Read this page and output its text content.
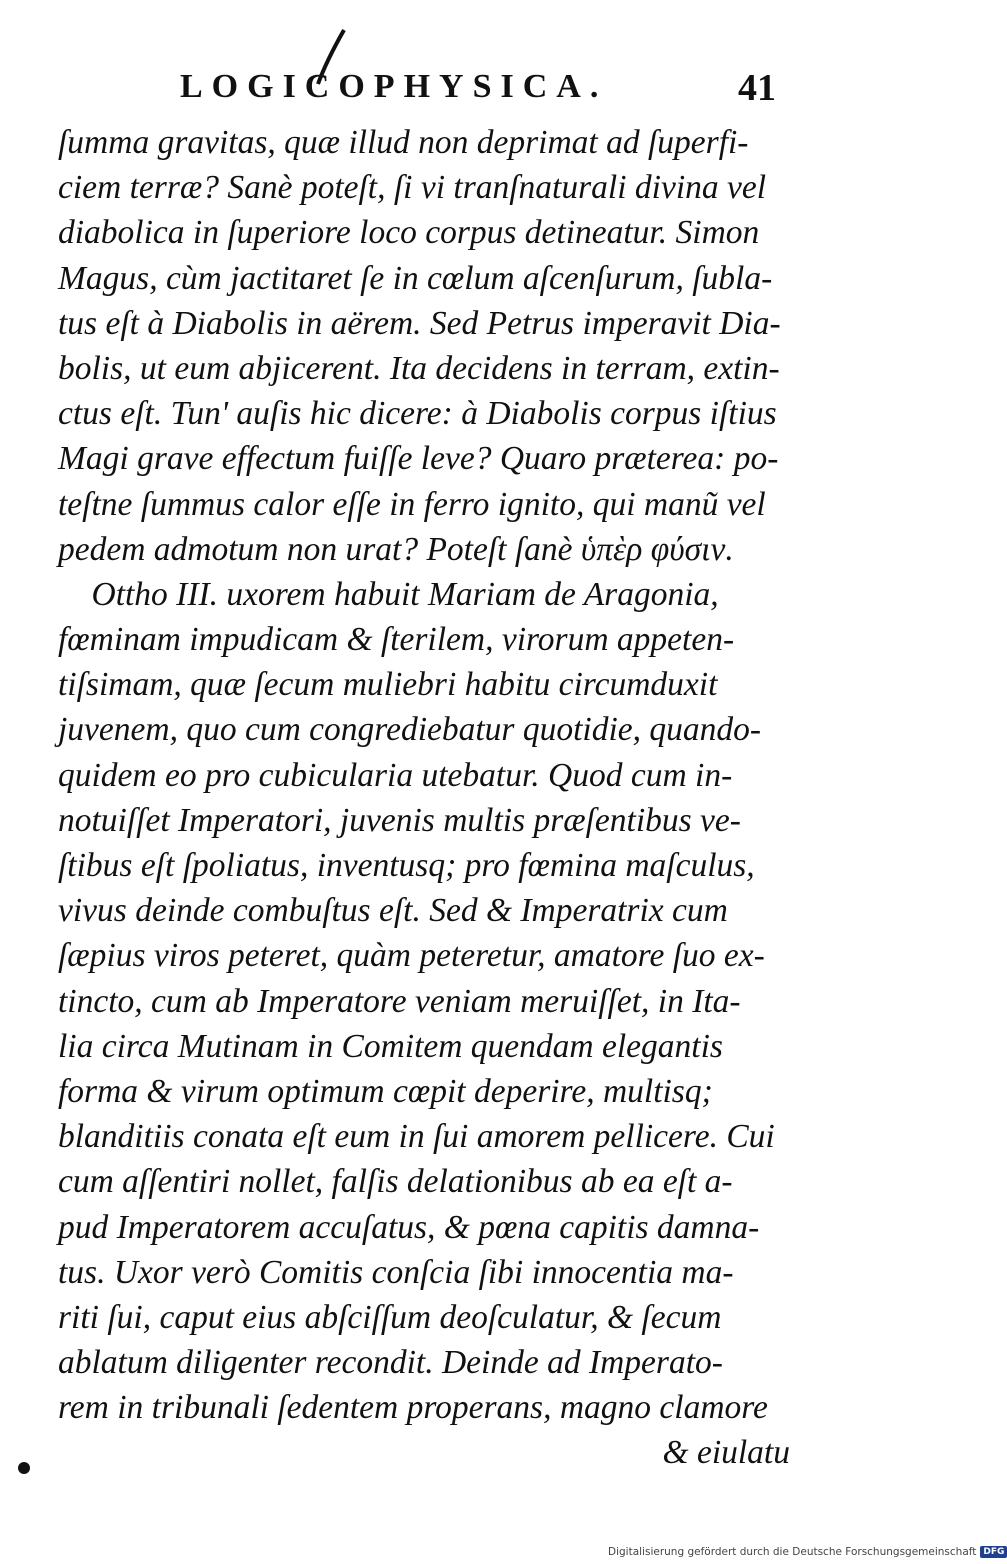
LOGICOPHYSICA.	41
ſumma gravitas, quæ illud non deprimat ad ſuperfi-
ciem terræ? Sanè poteſt, ſi vi tranſnaturali divina vel
diabolica in ſuperiore loco corpus detineatur. Simon
Magus, cùm jactitaret ſe in cœlum aſcenſurum, ſubla-
tus eſt à Diabolis in aërem. Sed Petrus imperavit Dia-
bolis, ut eum abjicerent. Ita decidens in terram, extin-
ctus eſt. Tun' auſis hic dicere: à Diabolis corpus iſtius
Magi grave effectum fuiſſe leve? Quaro præterea: po-
teſtne ſummus calor eſſe in ferro ignito, qui manũ vel
pedem admotum non urat? Poteſt ſanè ὑπὲρ φύσιν.
Ottho III. uxorem habuit Mariam de Aragonia,
fœminam impudicam & ſterilem, virorum appeten-
tiſsimam, quæ ſecum muliebri habitu circumduxit
juvenem, quo cum congrediebatur quotidie, quando-
quidem eo pro cubicularia utebatur. Quod cum in-
notuiſſet Imperatori, juvenis multis præſentibus ve-
ſtibus eſt ſpoliatus, inventusq; pro fœmina maſculus,
vivus deinde combuſtus eſt. Sed & Imperatrix cum
ſæpius viros peteret, quàm peteretur, amatore ſuo ex-
tincto, cum ab Imperatore veniam meruiſſet, in Ita-
lia circa Mutinam in Comitem quendam elegantis
forma & virum optimum cœpit deperire, multisq;
blanditiis conata eſt eum in ſui amorem pellicere. Cui
cum aſſentiri nollet, falſis delationibus ab ea eſt a-
pud Imperatorem accuſatus, & pœna capitis damna-
tus. Uxor verò Comitis conſcia ſibi innocentia ma-
riti ſui, caput eius abſciſſum deoſculatur, & ſecum
ablatum diligenter recondit. Deinde ad Imperato-
rem in tribunali ſedentem properans, magno clamore
& eiulatu
Digitalisierung gefördert durch die Deutsche Forschungsgemeinschaft DFG
